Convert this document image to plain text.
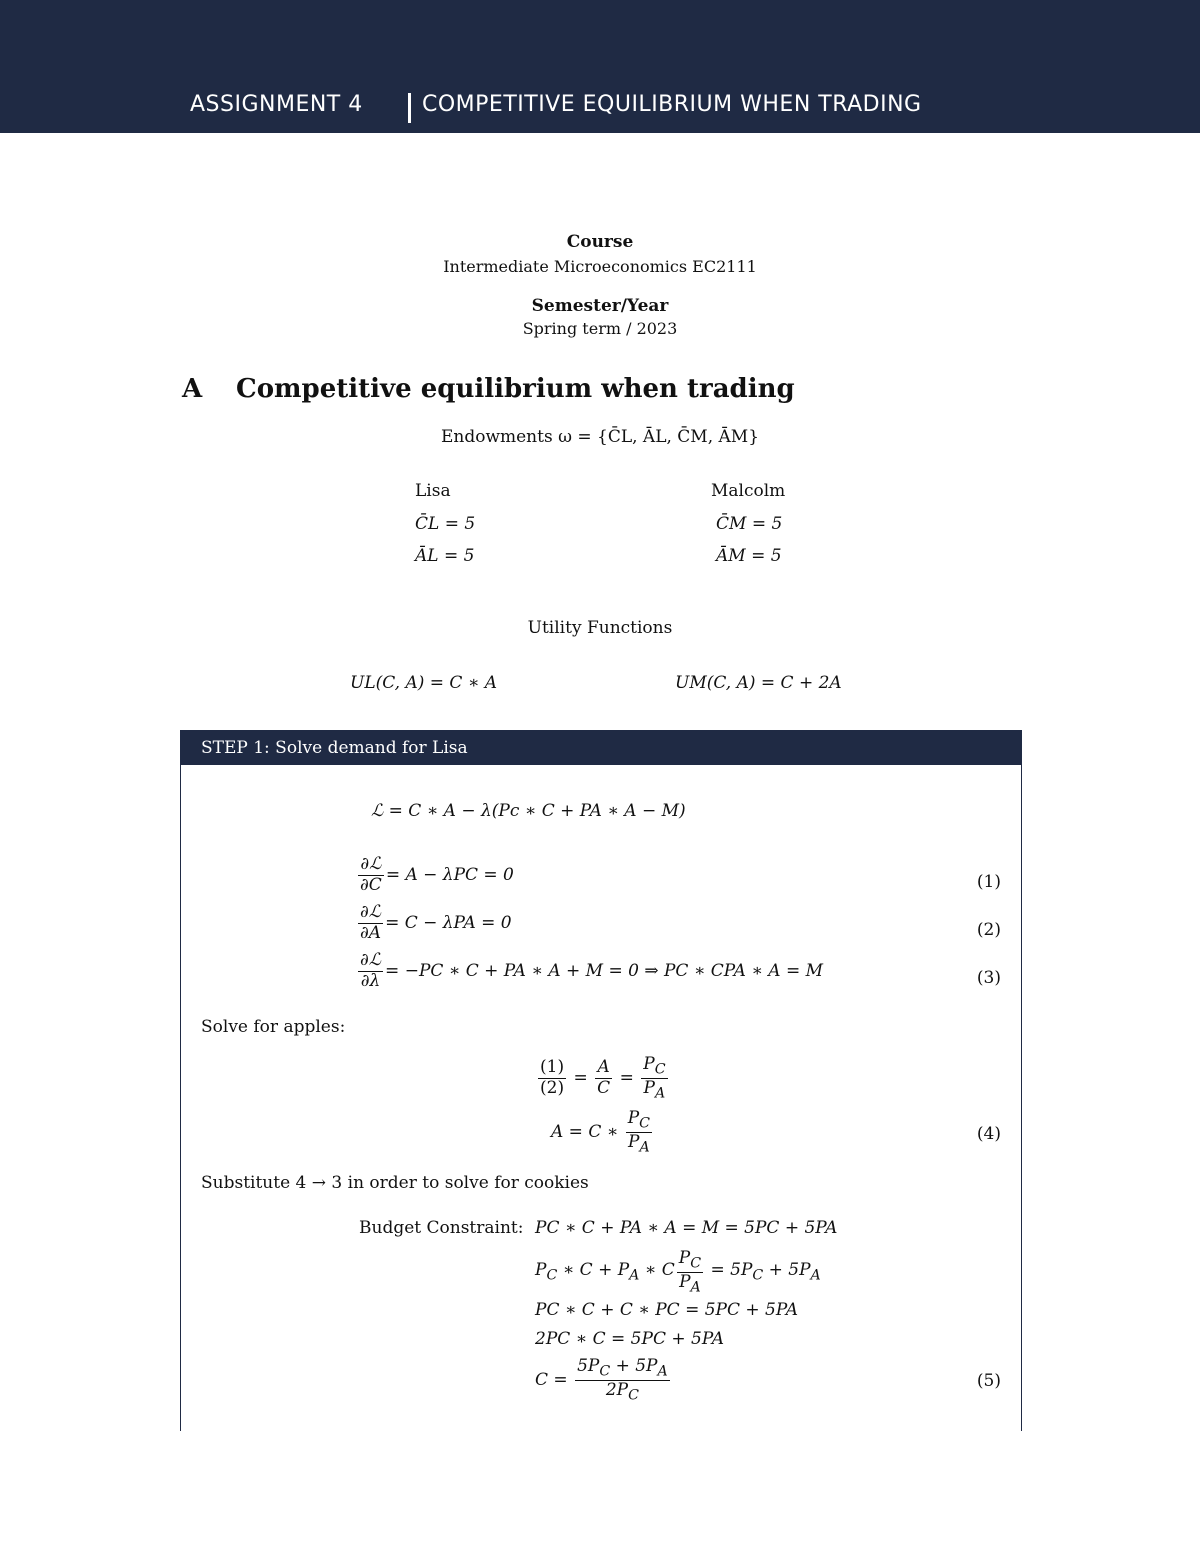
ASSIGNMENT 4	COMPETITIVE EQUILIBRIUM WHEN TRADING
Course
Intermediate Microeconomics EC2111
Semester/Year
Spring term / 2023
A Competitive equilibrium when trading
Endowments ω = {C̄L, ĀL, C̄M, ĀM}
Lisa
C̄L = 5
ĀL = 5
Malcolm
C̄M = 5
ĀM = 5
Utility Functions
UL(C, A) = C ∗ A	UM(C, A) = C + 2A
STEP 1: Solve demand for Lisa
ℒ = C ∗ A − λ(Pc ∗ C + PA ∗ A − M)
$\frac{\text{∂ℒ}}{\partial C} = A - \lambda PC = 0$	(1)
$\frac{\text{∂ℒ}}{\partial A} = C - \lambda PA = 0$	(2)
$\frac{\text{∂ℒ}}{\partial\lambda} = -PC$ ∗ C + PA ∗ A + M = 0 ⇒ PC ∗ CPA ∗ A = M	(3)
Solve for apples:
$\frac{(1)}{(2)} = \frac{A}{C} = \frac{P_C}{P_A}$
A = C ∗ $\frac{P_C}{P_A}$	(4)
Substitute 4 → 3 in order to solve for cookies
Budget Constraint: PC ∗ C + PA ∗ A = M = 5PC + 5PA
$P_C$ ∗ $C + P_A$ ∗ C $\frac{P_C}{P_A} = 5P_C + 5P_A$
PC ∗ C + C ∗ PC = 5PC + 5PA
2PC ∗ C = 5PC + 5PA
$C = \frac{5P_C + 5P_A}{2P_C}$	(5)
